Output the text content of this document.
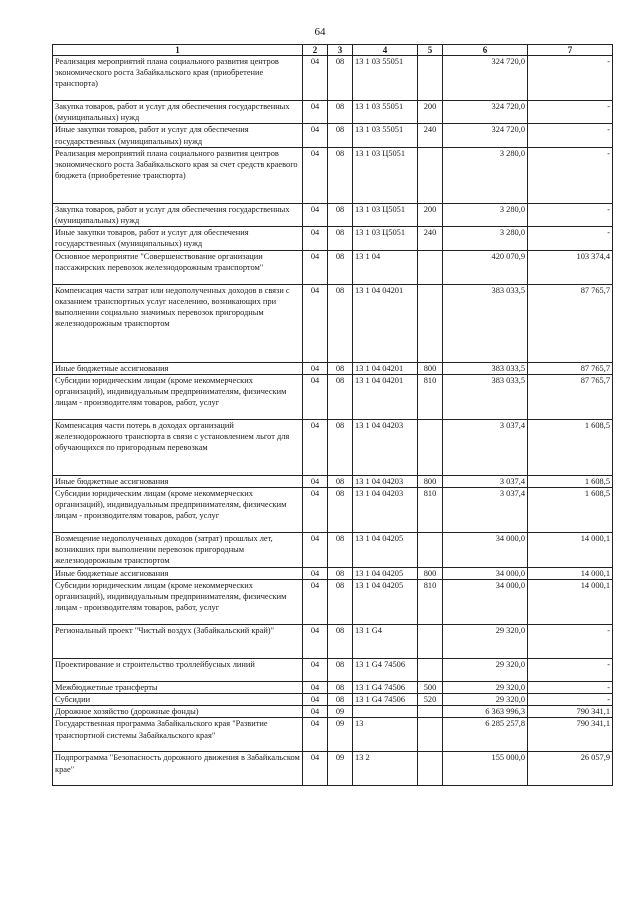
64
1	2	3	4	5	6	7
Реализация мероприятий плана социального развития центров экономического роста Забайкальского края (приобретение транспорта)	04	08	13 1 03 55051		324 720,0	-
Закупка товаров, работ и услуг для обеспечения государственных (муниципальных) нужд	04	08	13 1 03 55051	200	324 720,0	-
Иные закупки товаров, работ и услуг для обеспечения государственных (муниципальных) нужд	04	08	13 1 03 55051	240	324 720,0	-
Реализация мероприятий плана социального развития центров экономического роста Забайкальского края за счет средств краевого бюджета (приобретение транспорта)	04	08	13 1 03 Ц5051		3 280,0	-
Закупка товаров, работ и услуг для обеспечения государственных (муниципальных) нужд	04	08	13 1 03 Ц5051	200	3 280,0	-
Иные закупки товаров, работ и услуг для обеспечения государственных (муниципальных) нужд	04	08	13 1 03 Ц5051	240	3 280,0	-
Основное мероприятие "Совершенствование организации пассажирских перевозок железнодорожным транспортом"	04	08	13 1 04		420 070,9	103 374,4
Компенсация части затрат или недополученных доходов в связи с оказанием транспортных услуг населению, возникающих при выполнении социально значимых перевозок пригородным железнодорожным транспортом	04	08	13 1 04 04201		383 033,5	87 765,7
Иные бюджетные ассигнования	04	08	13 1 04 04201	800	383 033,5	87 765,7
Субсидии юридическим лицам (кроме некоммерческих организаций), индивидуальным предпринимателям, физическим лицам - производителям товаров, работ, услуг	04	08	13 1 04 04201	810	383 033,5	87 765,7
Компенсация части потерь в доходах организаций железнодорожного транспорта в связи с установлением льгот для обучающихся по пригородным перевозкам	04	08	13 1 04 04203		3 037,4	1 608,5
Иные бюджетные ассигнования	04	08	13 1 04 04203	800	3 037,4	1 608,5
Субсидии юридическим лицам (кроме некоммерческих организаций), индивидуальным предпринимателям, физическим лицам - производителям товаров, работ, услуг	04	08	13 1 04 04203	810	3 037,4	1 608,5
Возмещение недополученных доходов (затрат) прошлых лет, возникших при выполнении перевозок пригородным железнодорожным транспортом	04	08	13 1 04 04205		34 000,0	14 000,1
Иные бюджетные ассигнования	04	08	13 1 04 04205	800	34 000,0	14 000,1
Субсидии юридическим лицам (кроме некоммерческих организаций), индивидуальным предпринимателям, физическим лицам - производителям товаров, работ, услуг	04	08	13 1 04 04205	810	34 000,0	14 000,1
Региональный проект "Чистый воздух (Забайкальский край)"	04	08	13 1 G4		29 320,0	-
Проектирование и строительство троллейбусных линий	04	08	13 1 G4 74506		29 320,0	-
Межбюджетные трансферты	04	08	13 1 G4 74506	500	29 320,0	-
Субсидии	04	08	13 1 G4 74506	520	29 320,0	-
Дорожное хозяйство (дорожные фонды)	04	09			6 363 996,3	790 341,1
Государственная программа Забайкальского края "Развитие транспортной системы Забайкальского края"	04	09	13		6 285 257,8	790 341,1
Подпрограмма "Безопасность дорожного движения в Забайкальском крае"	04	09	13 2		155 000,0	26 057,9
